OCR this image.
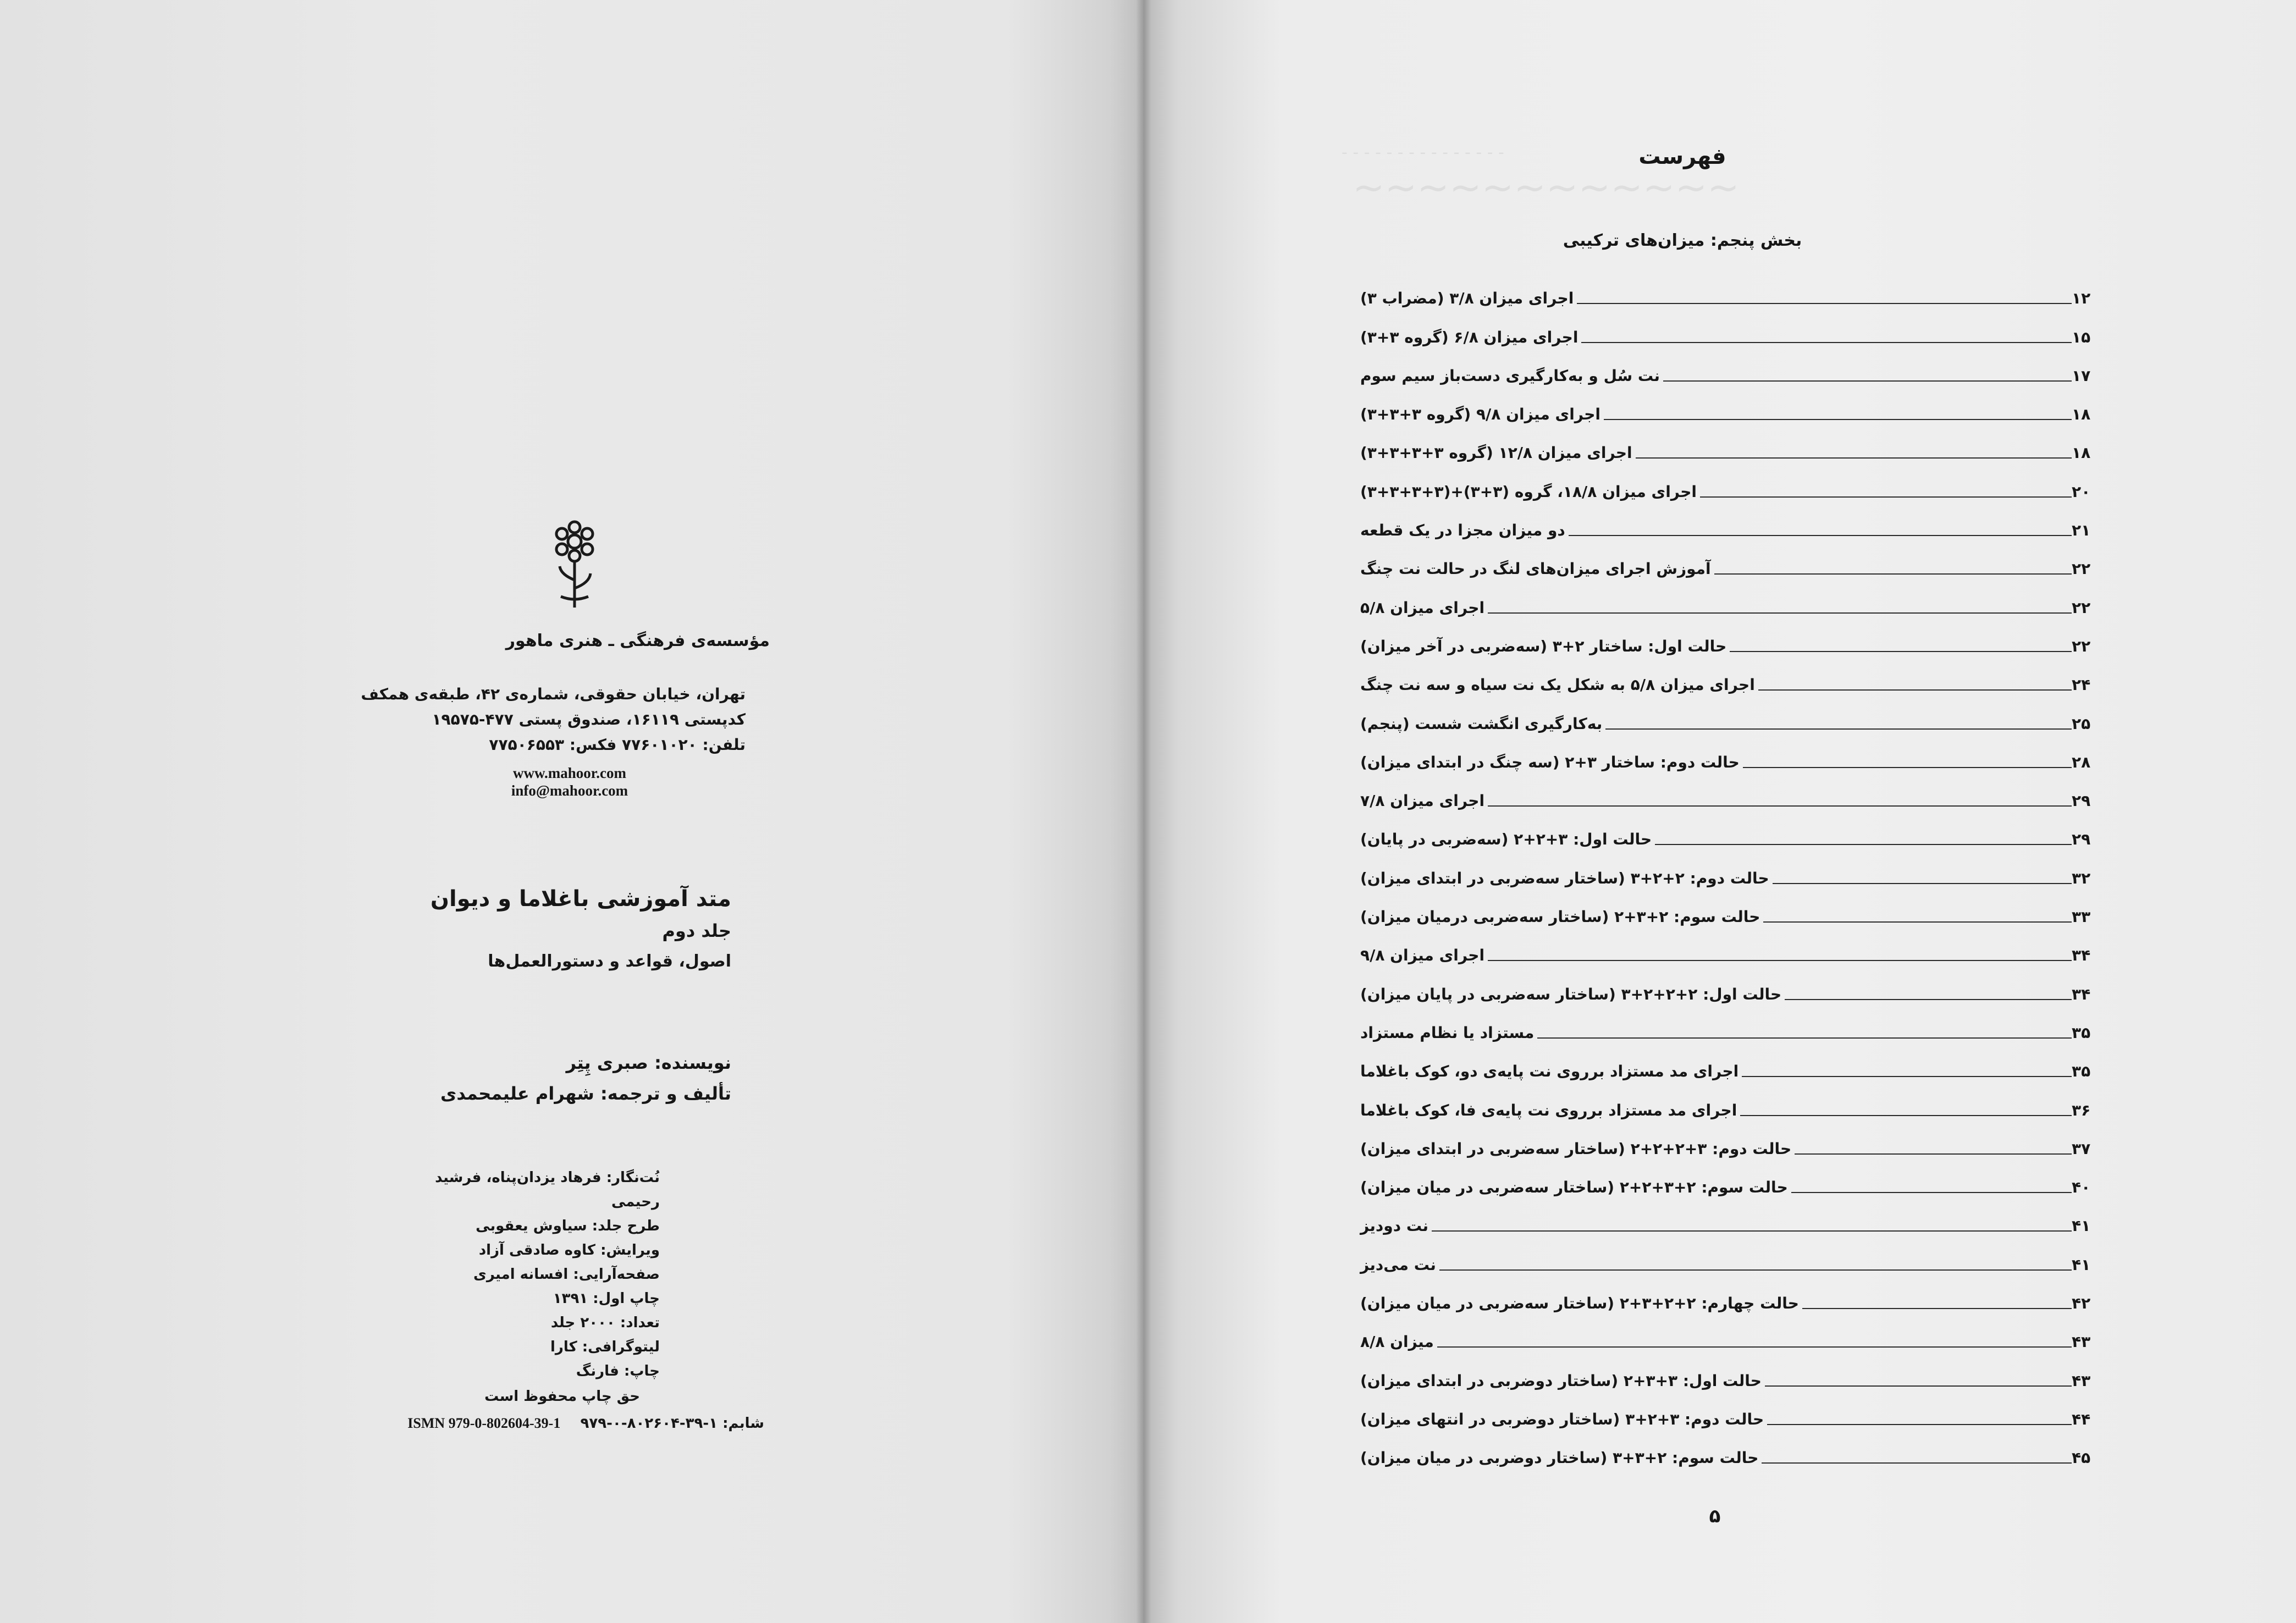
مؤسسه‌ی فرهنگی ـ هنری ماهور
تهران، خیابان حقوقی، شماره‌ی ۴۲، طبقه‌ی همکف
کدپستی ۱۶۱۱۹، صندوق پستی ۴۷۷-۱۹۵۷۵
تلفن: ۷۷۶۰۱۰۲۰ فکس: ۷۷۵۰۶۵۵۳
www.mahoor.com
info@mahoor.com
متد آموزشی باغلاما و دیوان
جلد دوم
اصول، قواعد و دستورالعمل‌ها
نویسنده: صبری پِتِر
تألیف و ترجمه: شهرام علیمحمدی
نُت‌نگار: فرهاد یزدان‌پناه، فرشید رحیمی
طرح جلد: سیاوش یعقوبی
ویرایش: کاوه صادقی آزاد
صفحه‌آرایی: افسانه امیری
چاپ اول: ۱۳۹۱
تعداد: ۲۰۰۰ جلد
لیتوگرافی: کارا
چاپ: فارنگ
حق چاپ محفوظ است
شابم: ۱-۳۹-۸۰۲۶۰۴-۰-۹۷۹    ISMN 979-0-802604-39-1
~~~~~~~~~~~~
- - - - - - - - - - - - - - -	فهرست
بخش پنجم: میزان‌های ترکیبی
اجرای میزان ۳/۸ (مضراب ۳)	۱۲
اجرای میزان ۶/۸ (گروه ۳+۳)	۱۵
نت سُل و به‌کارگیری دست‌باز سیم سوم	۱۷
اجرای میزان ۹/۸ (گروه ۳+۳+۳)	۱۸
اجرای میزان ۱۲/۸ (گروه ۳+۳+۳+۳)	۱۸
اجرای میزان ۱۸/۸، گروه (۳+۳)+(۳+۳+۳+۳)	۲۰
دو میزان مجزا در یک قطعه	۲۱
آموزش اجرای میزان‌های لنگ در حالت نت چنگ	۲۲
اجرای میزان ۵/۸	۲۲
حالت اول: ساختار ۲+۳ (سه‌ضربی در آخر میزان)	۲۲
اجرای میزان ۵/۸ به شکل یک نت سیاه و سه نت چنگ	۲۴
به‌کارگیری انگشت شست (پنجم)	۲۵
حالت دوم: ساختار ۳+۲ (سه چنگ در ابتدای میزان)	۲۸
اجرای میزان ۷/۸	۲۹
حالت اول: ۳+۲+۲ (سه‌ضربی در پایان)	۲۹
حالت دوم: ۲+۲+۳ (ساختار سه‌ضربی در ابتدای میزان)	۳۲
حالت سوم: ۲+۳+۲ (ساختار سه‌ضربی درمیان میزان)	۳۳
اجرای میزان ۹/۸	۳۴
حالت اول: ۲+۲+۲+۳ (ساختار سه‌ضربی در پایان میزان)	۳۴
مستزاد یا نظام مستزاد	۳۵
اجرای مد مستزاد برروی نت پایه‌ی دو، کوک باغلاما	۳۵
اجرای مد مستزاد برروی نت پایه‌ی فا، کوک باغلاما	۳۶
حالت دوم: ۳+۲+۲+۲ (ساختار سه‌ضربی در ابتدای میزان)	۳۷
حالت سوم: ۲+۳+۲+۲ (ساختار سه‌ضربی در میان میزان)	۴۰
نت دودیز	۴۱
نت می‌دیز	۴۱
حالت چهارم: ۲+۲+۳+۲ (ساختار سه‌ضربی در میان میزان)	۴۲
میزان ۸/۸	۴۳
حالت اول: ۳+۳+۲ (ساختار دوضربی در ابتدای میزان)	۴۳
حالت دوم: ۳+۲+۳ (ساختار دوضربی در انتهای میزان)	۴۴
حالت سوم: ۲+۳+۳ (ساختار دوضربی در میان میزان)	۴۵
۵
